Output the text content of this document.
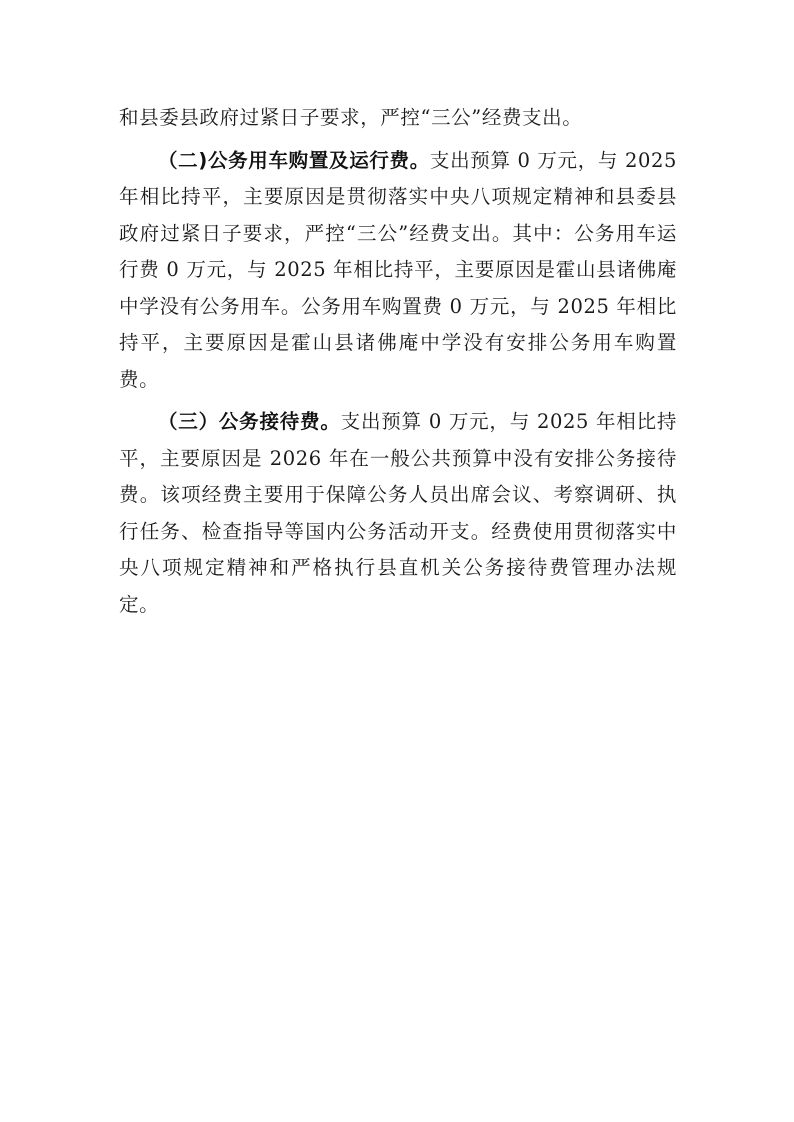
和县委县政府过紧日子要求，严控“三公”经费支出。

（二)公务用车购置及运行费。支出预算 0 万元，与 2025 年相比持平，主要原因是贯彻落实中央八项规定精神和县委县政府过紧日子要求，严控“三公”经费支出。其中：公务用车运行费 0 万元，与 2025 年相比持平，主要原因是霍山县诸佛庵中学没有公务用车。公务用车购置费 0 万元，与 2025 年相比持平，主要原因是霍山县诸佛庵中学没有安排公务用车购置费。

（三）公务接待费。支出预算 0 万元，与 2025 年相比持平，主要原因是 2026 年在一般公共预算中没有安排公务接待费。该项经费主要用于保障公务人员出席会议、考察调研、执行任务、检查指导等国内公务活动开支。经费使用贯彻落实中央八项规定精神和严格执行县直机关公务接待费管理办法规定。
